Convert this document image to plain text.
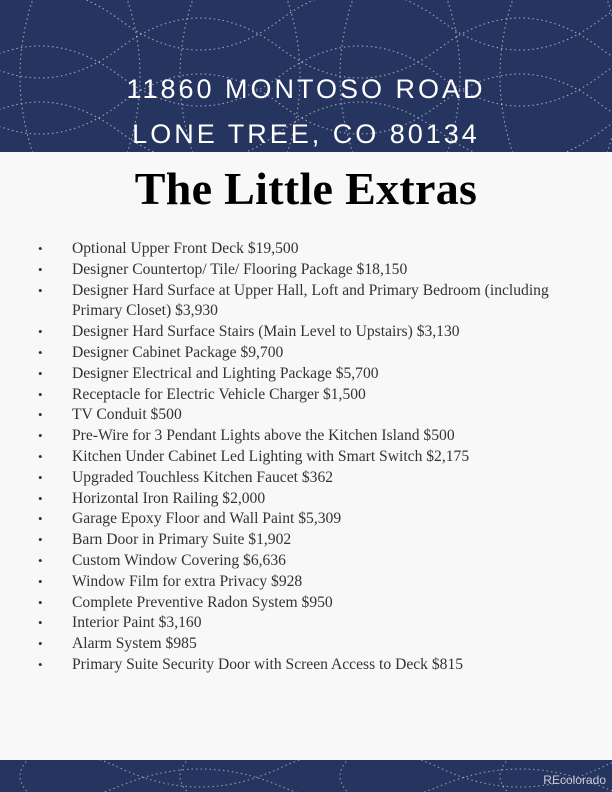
11860 MONTOSO ROAD
LONE TREE, CO 80134
The Little Extras
• Optional Upper Front Deck $19,500
• Designer Countertop/ Tile/ Flooring Package $18,150
• Designer Hard Surface at Upper Hall, Loft and Primary Bedroom (including Primary Closet) $3,930
• Designer Hard Surface Stairs (Main Level to Upstairs) $3,130
• Designer Cabinet Package $9,700
• Designer Electrical and Lighting Package $5,700
• Receptacle for Electric Vehicle Charger $1,500
• TV Conduit $500
• Pre-Wire for 3 Pendant Lights above the Kitchen Island $500
• Kitchen Under Cabinet Led Lighting with Smart Switch $2,175
• Upgraded Touchless Kitchen Faucet $362
• Horizontal Iron Railing $2,000
• Garage Epoxy Floor and Wall Paint $5,309
• Barn Door in Primary Suite $1,902
• Custom Window Covering $6,636
• Window Film for extra Privacy $928
• Complete Preventive Radon System $950
• Interior Paint $3,160
• Alarm System $985
• Primary Suite Security Door with Screen Access to Deck $815
REcolorado
